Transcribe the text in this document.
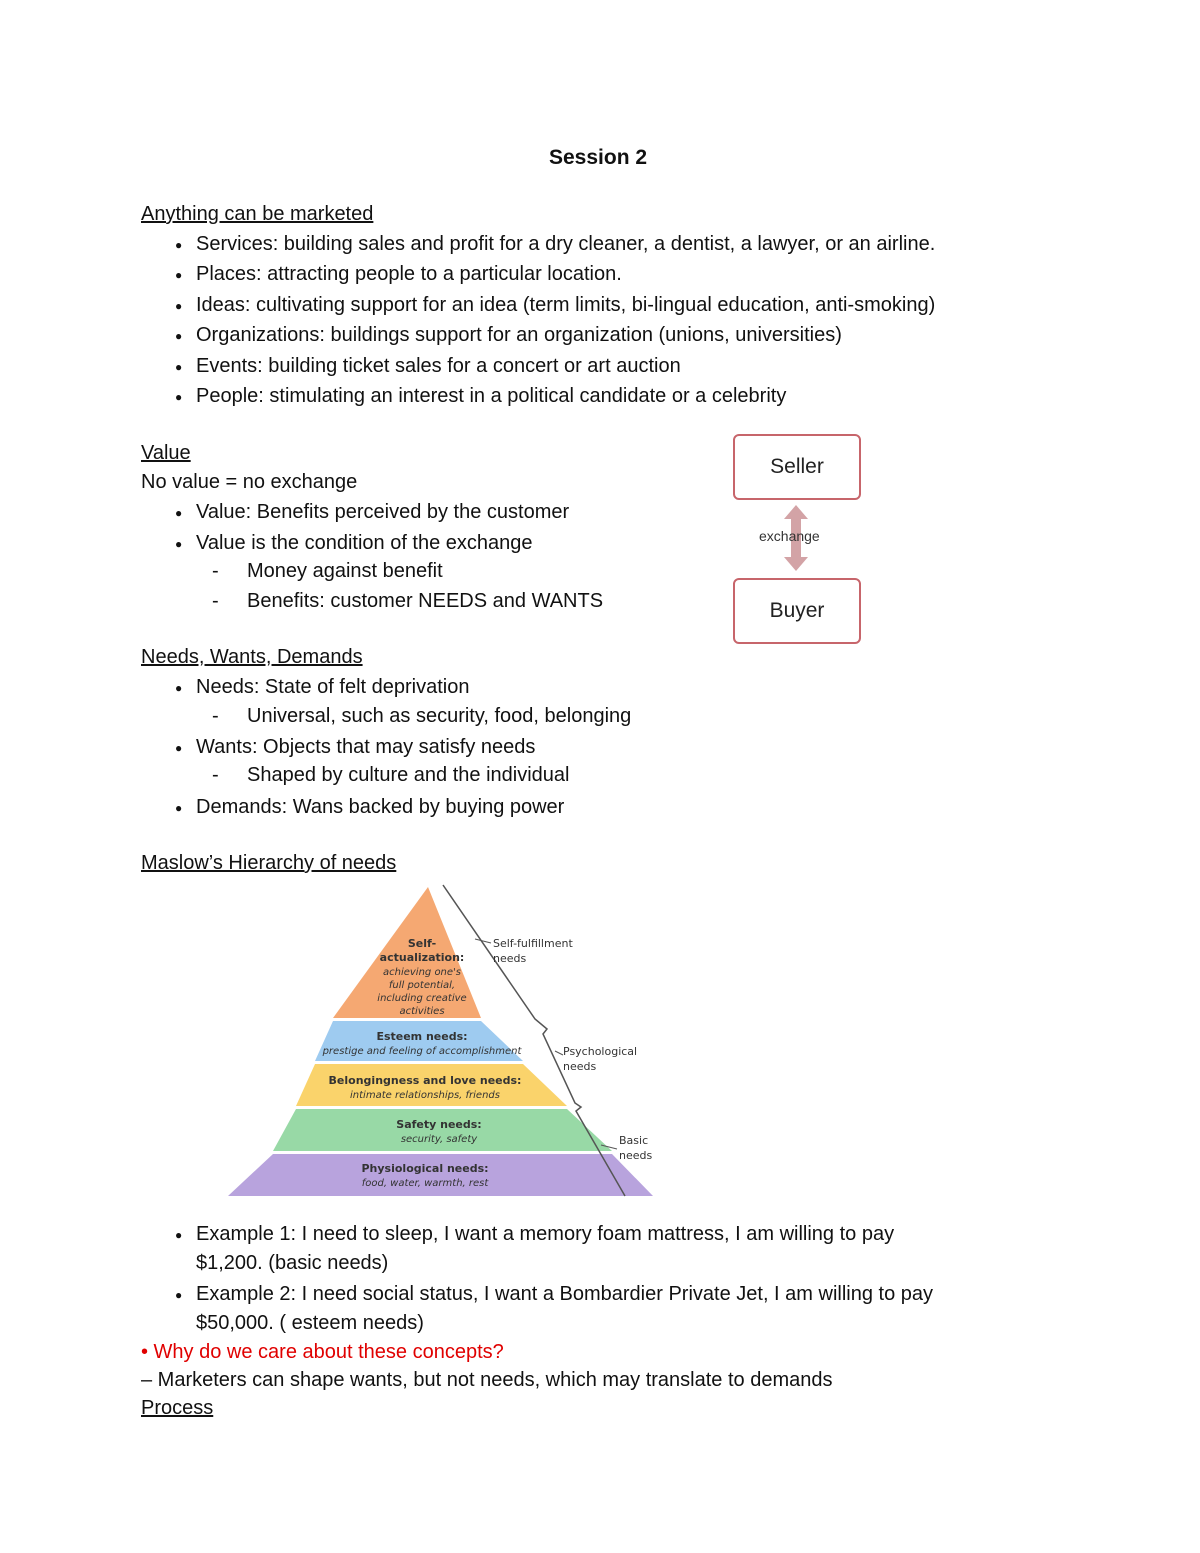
Session 2
Anything can be marketed
● Services: building sales and profit for a dry cleaner, a dentist, a lawyer, or an airline.
● Places: attracting people to a particular location.
● Ideas: cultivating support for an idea (term limits, bi-lingual education, anti-smoking)
● Organizations: buildings support for an organization (unions, universities)
● Events: building ticket sales for a concert or art auction
● People: stimulating an interest in a political candidate or a celebrity
Value
No value = no exchange
● Value: Benefits perceived by the customer
● Value is the condition of the exchange
- Money against benefit
- Benefits: customer NEEDS and WANTS
Seller
exchange
Buyer
Needs, Wants, Demands
● Needs: State of felt deprivation
- Universal, such as security, food, belonging
● Wants: Objects that may satisfy needs
- Shaped by culture and the individual
● Demands: Wans backed by buying power
Maslow’s Hierarchy of needs
Self-
actualization:
achieving one's
full potential,
including creative
activities
Esteem needs:
prestige and feeling of accomplishment
Belongingness and love needs:
intimate relationships, friends
Safety needs:
security, safety
Physiological needs:
food, water, warmth, rest
Self-fulfillment
needs
Psychological
needs
Basic
needs
● Example 1: I need to sleep, I want a memory foam mattress, I am willing to pay
$1,200. (basic needs)
● Example 2: I need social status, I want a Bombardier Private Jet, I am willing to pay
$50,000. ( esteem needs)
• Why do we care about these concepts?
– Marketers can shape wants, but not needs, which may translate to demands
Process
